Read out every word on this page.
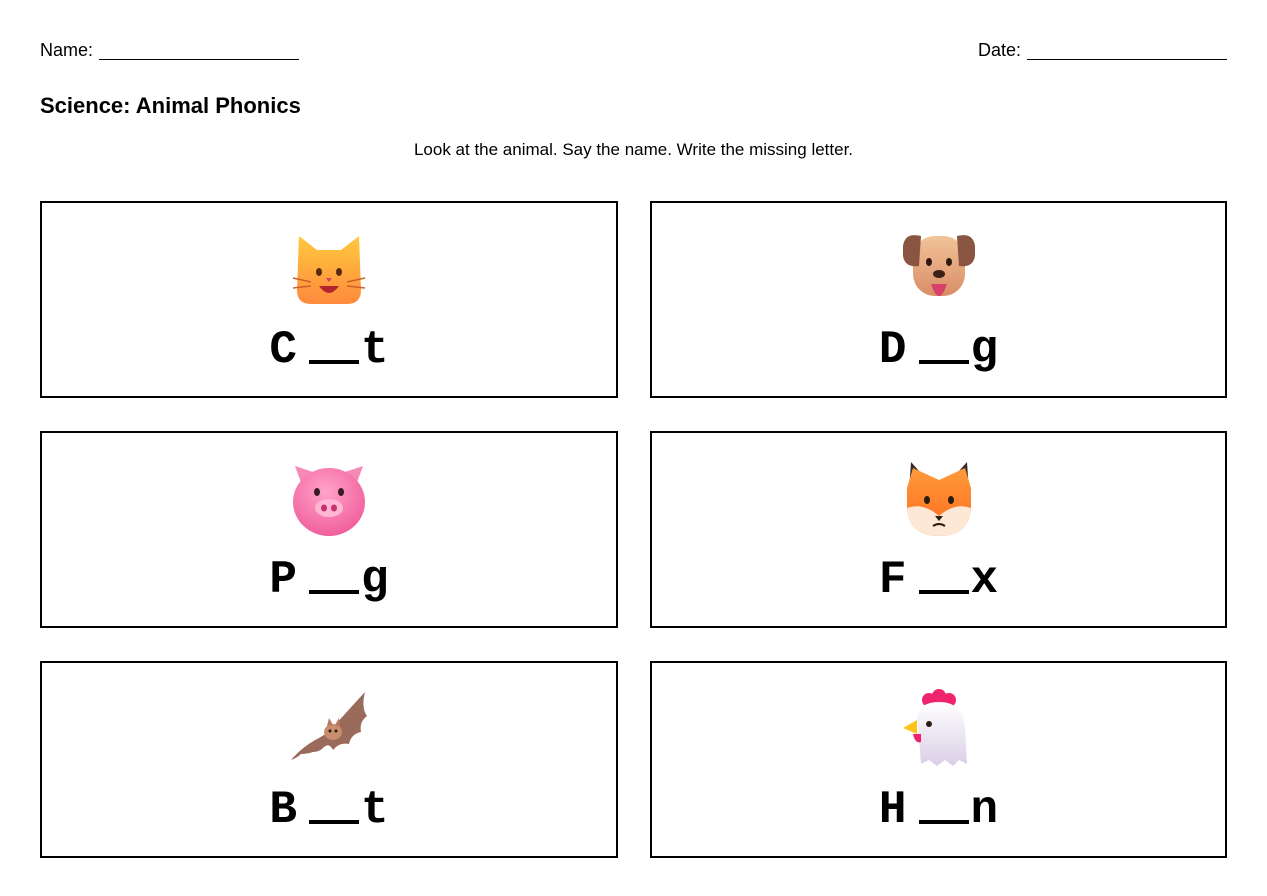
Name:	Date:
Science: Animal Phonics
Look at the animal. Say the name. Write the missing letter.
C t	D g
P g	F x
B t	H n
